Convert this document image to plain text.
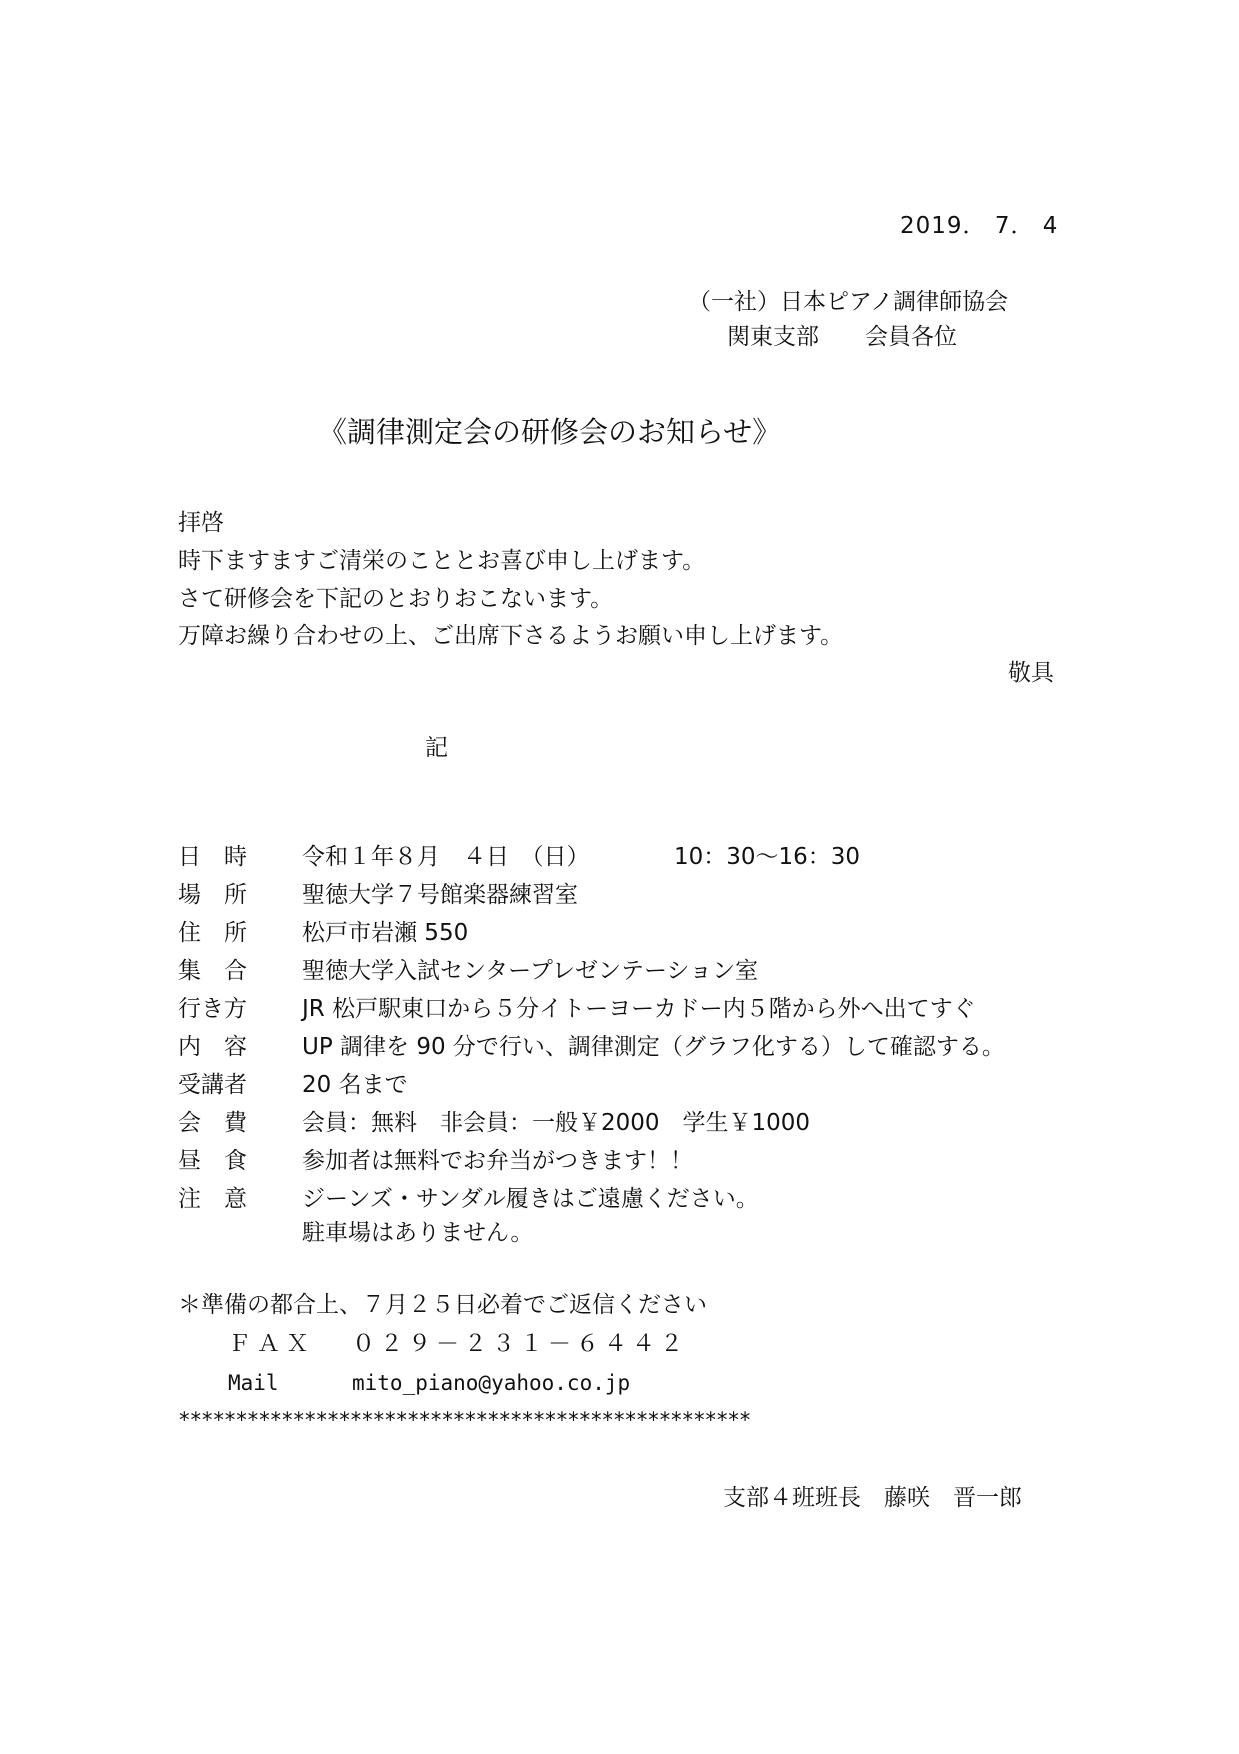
2019． 7． 4
（一社）日本ピアノ調律師協会
関東支部　　会員各位
《調律測定会の研修会のお知らせ》
拝啓
時下ますますご清栄のこととお喜び申し上げます。
さて研修会を下記のとおりおこないます。
万障お繰り合わせの上、ご出席下さるようお願い申し上げます。
敬具
記
日　時	令和１年８月　４日　（日）	10：30〜16：30
場　所	聖徳大学７号館楽器練習室
住　所	松戸市岩瀬 550
集　合	聖徳大学入試センタープレゼンテーション室
行き方	JR 松戸駅東口から５分イトーヨーカドー内５階から外へ出てすぐ
内　容	UP 調律を 90 分で行い、調律測定（グラフ化する）して確認する。
受講者	20 名まで
会　費	会員：無料　非会員：一般￥2000　学生￥1000
昼　食	参加者は無料でお弁当がつきます！！
注　意	ジーンズ・サンダル履きはご遠慮ください。
駐車場はありません。
＊準備の都合上、７月２５日必着でご返信ください
ＦＡＸ ０２９－２３１－６４４２
Mail	mito_piano@yahoo.co.jp
**************************************************
支部４班班長　藤咲　晋一郎
